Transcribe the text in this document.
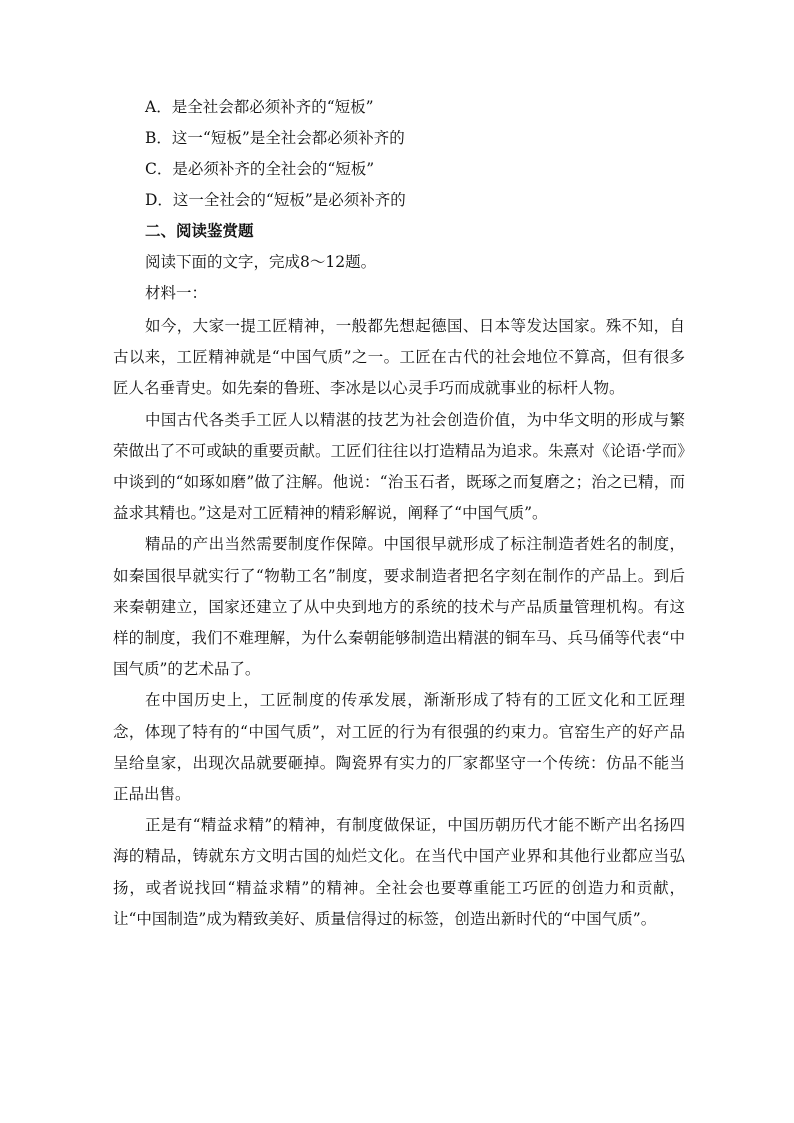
A．是全社会都必须补齐的“短板”
B．这一“短板”是全社会都必须补齐的
C．是必须补齐的全社会的“短板”
D．这一全社会的“短板”是必须补齐的
二、阅读鉴赏题
阅读下面的文字，完成8～12题。
材料一：

如今，大家一提工匠精神，一般都先想起德国、日本等发达国家。殊不知，自古以来，工匠精神就是“中国气质”之一。工匠在古代的社会地位不算高，但有很多匠人名垂青史。如先秦的鲁班、李冰是以心灵手巧而成就事业的标杆人物。

中国古代各类手工匠人以精湛的技艺为社会创造价值，为中华文明的形成与繁荣做出了不可或缺的重要贡献。工匠们往往以打造精品为追求。朱熹对《论语·学而》中谈到的“如琢如磨”做了注解。他说：“治玉石者，既琢之而复磨之；治之已精，而益求其精也。”这是对工匠精神的精彩解说，阐释了“中国气质”。

精品的产出当然需要制度作保障。中国很早就形成了标注制造者姓名的制度，如秦国很早就实行了“物勒工名”制度，要求制造者把名字刻在制作的产品上。到后来秦朝建立，国家还建立了从中央到地方的系统的技术与产品质量管理机构。有这样的制度，我们不难理解，为什么秦朝能够制造出精湛的铜车马、兵马俑等代表“中国气质”的艺术品了。

在中国历史上，工匠制度的传承发展，渐渐形成了特有的工匠文化和工匠理念，体现了特有的“中国气质”，对工匠的行为有很强的约束力。官窑生产的好产品呈给皇家，出现次品就要砸掉。陶瓷界有实力的厂家都坚守一个传统：仿品不能当正品出售。

正是有“精益求精”的精神，有制度做保证，中国历朝历代才能不断产出名扬四海的精品，铸就东方文明古国的灿烂文化。在当代中国产业界和其他行业都应当弘扬，或者说找回“精益求精”的精神。全社会也要尊重能工巧匠的创造力和贡献，让“中国制造”成为精致美好、质量信得过的标签，创造出新时代的“中国气质”。
